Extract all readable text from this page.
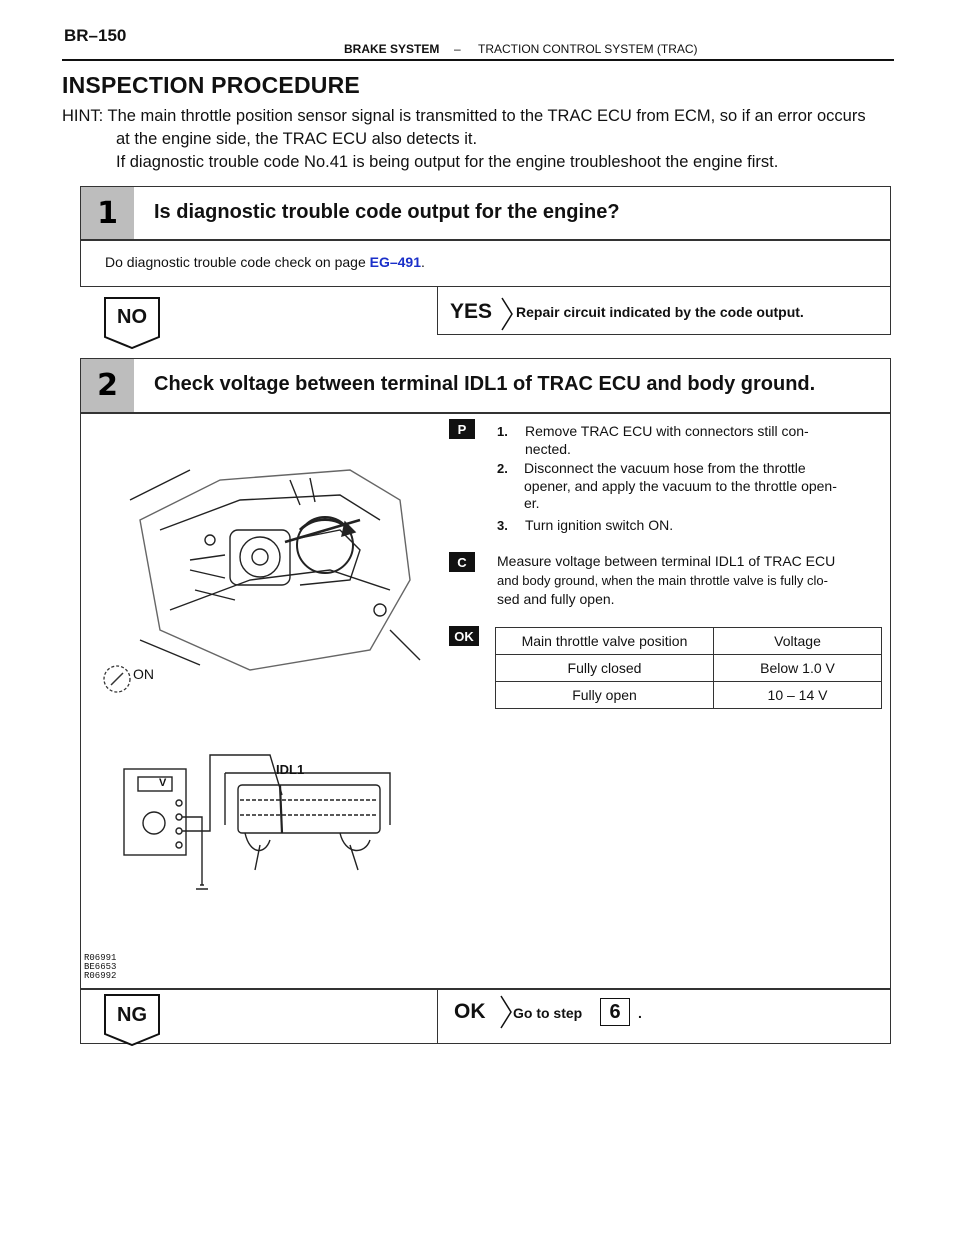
BR–150
BRAKE SYSTEM – TRACTION CONTROL SYSTEM (TRAC)
INSPECTION PROCEDURE
HINT: The main throttle position sensor signal is transmitted to the TRAC ECU from ECM, so if an error occurs
at the engine side, the TRAC ECU also detects it.
If diagnostic trouble code No.41 is being output for the engine troubleshoot the engine first.
1	Is diagnostic trouble code output for the engine?
Do diagnostic trouble code check on page EG–491.
NO	YES Repair circuit indicated by the code output.
2	Check voltage between terminal IDL1 of TRAC ECU and body ground.
P	1. Remove TRAC ECU with connectors still con-
nected.
2. Disconnect the vacuum hose from the throttle
opener, and apply the vacuum to the throttle open-
er.
3. Turn ignition switch ON.
C	Measure voltage between terminal IDL1 of TRAC ECU
and body ground, when the main throttle valve is fully clo-
sed and fully open.
OK	Main throttle valve position	Voltage
Fully closed	Below 1.0 V
Fully open	10 – 14 V
ON
V
IDL1
R06991
BE6653
R06992
NG	OK Go to step	6	.
